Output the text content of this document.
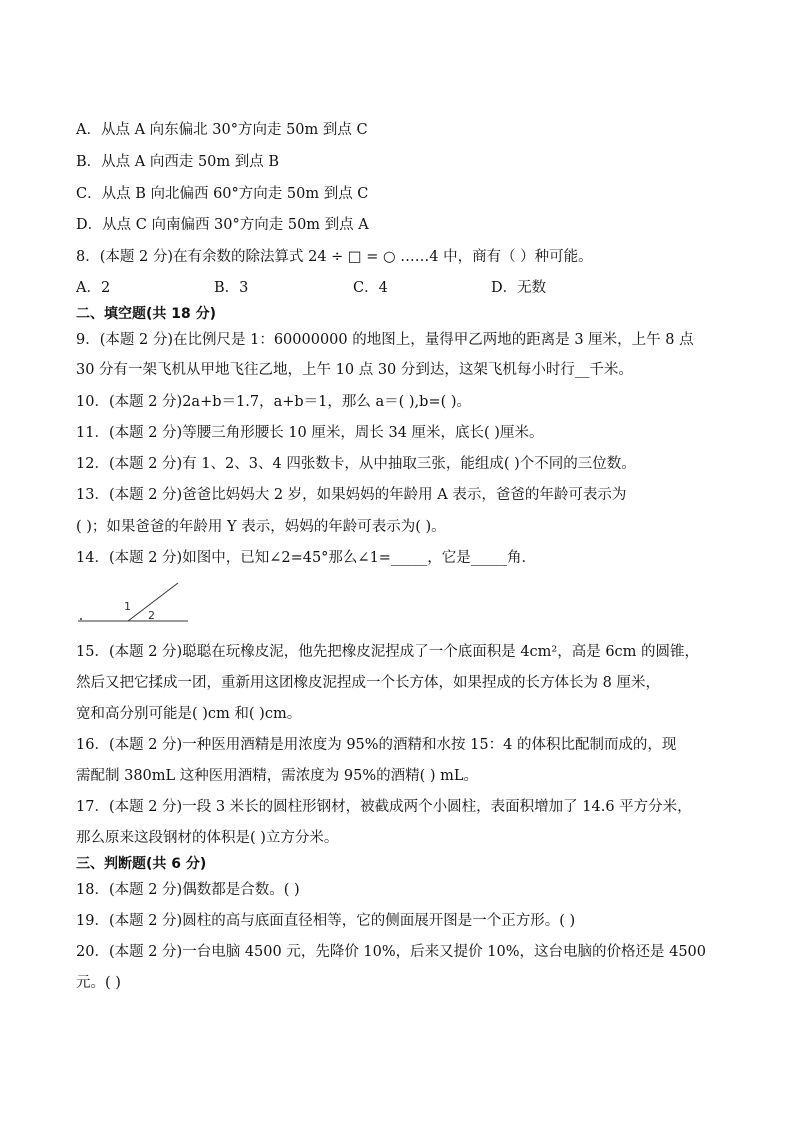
A．从点 A 向东偏北 30°方向走 50m 到点 C
B．从点 A 向西走 50m 到点 B
C．从点 B 向北偏西 60°方向走 50m 到点 C
D．从点 C 向南偏西 30°方向走 50m 到点 A
8．(本题 2 分)在有余数的除法算式 24 ÷ □ = ○ ……4 中，商有（ ）种可能。
A．2	B．3	C．4	D．无数
二、填空题(共 18 分)
9．(本题 2 分)在比例尺是 1：60000000 的地图上，量得甲乙两地的距离是 3 厘米，上午 8 点
30 分有一架飞机从甲地飞往乙地，上午 10 点 30 分到达，这架飞机每小时行__千米。
10．(本题 2 分)2a+b＝1.7，a+b＝1，那么 a＝( ),b=( )。
11．(本题 2 分)等腰三角形腰长 10 厘米，周长 34 厘米，底长( )厘米。
12．(本题 2 分)有 1、2、3、4 四张数卡，从中抽取三张，能组成( )个不同的三位数。
13．(本题 2 分)爸爸比妈妈大 2 岁，如果妈妈的年龄用 A 表示，爸爸的年龄可表示为
( )；如果爸爸的年龄用 Y 表示，妈妈的年龄可表示为( )。
14．(本题 2 分)如图中，已知∠2=45°那么∠1=_____，它是_____角．
1
2
15．(本题 2 分)聪聪在玩橡皮泥，他先把橡皮泥捏成了一个底面积是 4cm²，高是 6cm 的圆锥，
然后又把它揉成一团，重新用这团橡皮泥捏成一个长方体，如果捏成的长方体长为 8 厘米，
宽和高分别可能是( )cm 和( )cm。
16．(本题 2 分)一种医用酒精是用浓度为 95%的酒精和水按 15：4 的体积比配制而成的，现
需配制 380mL 这种医用酒精，需浓度为 95%的酒精( ) mL。
17．(本题 2 分)一段 3 米长的圆柱形钢材，被截成两个小圆柱，表面积增加了 14.6 平方分米，
那么原来这段钢材的体积是( )立方分米。
三、判断题(共 6 分)
18．(本题 2 分)偶数都是合数。( )
19．(本题 2 分)圆柱的高与底面直径相等，它的侧面展开图是一个正方形。( )
20．(本题 2 分)一台电脑 4500 元，先降价 10%，后来又提价 10%，这台电脑的价格还是 4500
元。( )
